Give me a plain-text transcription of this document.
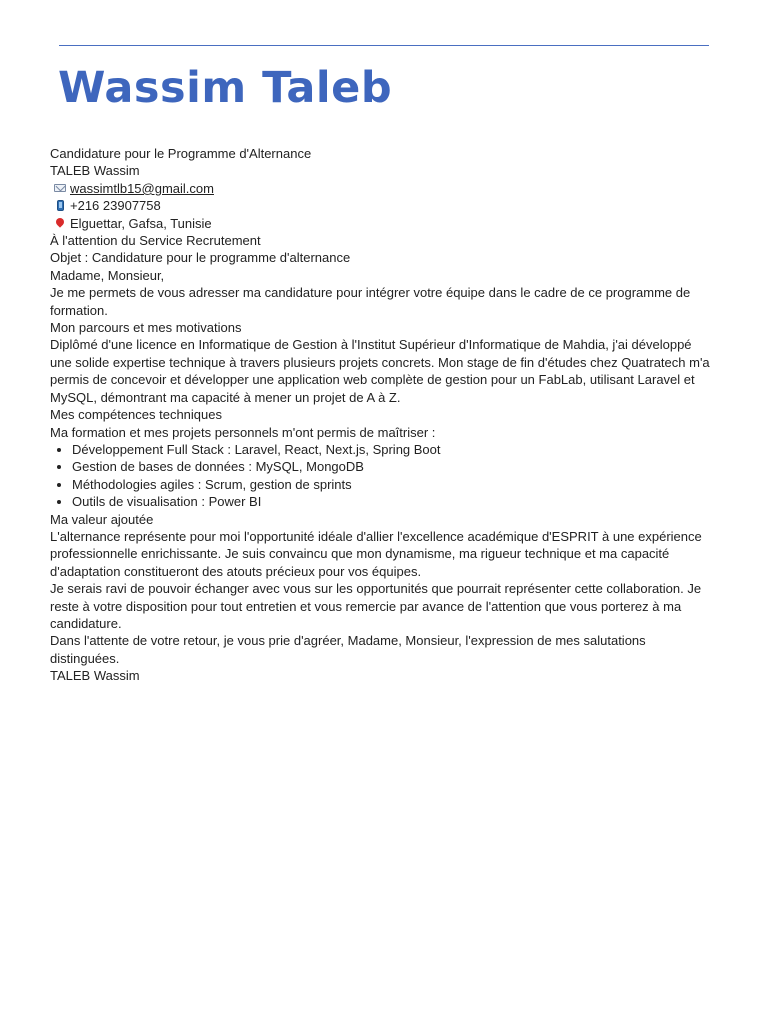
Wassim Taleb

Candidature pour le Programme d'Alternance

TALEB Wassim

wassimtlb15@gmail.com

+216 23907758

Elguettar, Gafsa, Tunisie

À l'attention du Service Recrutement

Objet : Candidature pour le programme d'alternance

Madame, Monsieur,

Je me permets de vous adresser ma candidature pour intégrer votre équipe dans le cadre de ce programme de formation.

Mon parcours et mes motivations

Diplômé d'une licence en Informatique de Gestion à l'Institut Supérieur d'Informatique de Mahdia, j'ai développé une solide expertise technique à travers plusieurs projets concrets. Mon stage de fin d'études chez Quatratech m'a permis de concevoir et développer une application web complète de gestion pour un FabLab, utilisant Laravel et MySQL, démontrant ma capacité à mener un projet de A à Z.

Mes compétences techniques

Ma formation et mes projets personnels m'ont permis de maîtriser :

• Développement Full Stack : Laravel, React, Next.js, Spring Boot
• Gestion de bases de données : MySQL, MongoDB
• Méthodologies agiles : Scrum, gestion de sprints
• Outils de visualisation : Power BI

Ma valeur ajoutée

L'alternance représente pour moi l'opportunité idéale d'allier l'excellence académique d'ESPRIT à une expérience professionnelle enrichissante. Je suis convaincu que mon dynamisme, ma rigueur technique et ma capacité d'adaptation constitueront des atouts précieux pour vos équipes.

Je serais ravi de pouvoir échanger avec vous sur les opportunités que pourrait représenter cette collaboration. Je reste à votre disposition pour tout entretien et vous remercie par avance de l'attention que vous porterez à ma candidature.

Dans l'attente de votre retour, je vous prie d'agréer, Madame, Monsieur, l'expression de mes salutations distinguées.

TALEB Wassim
